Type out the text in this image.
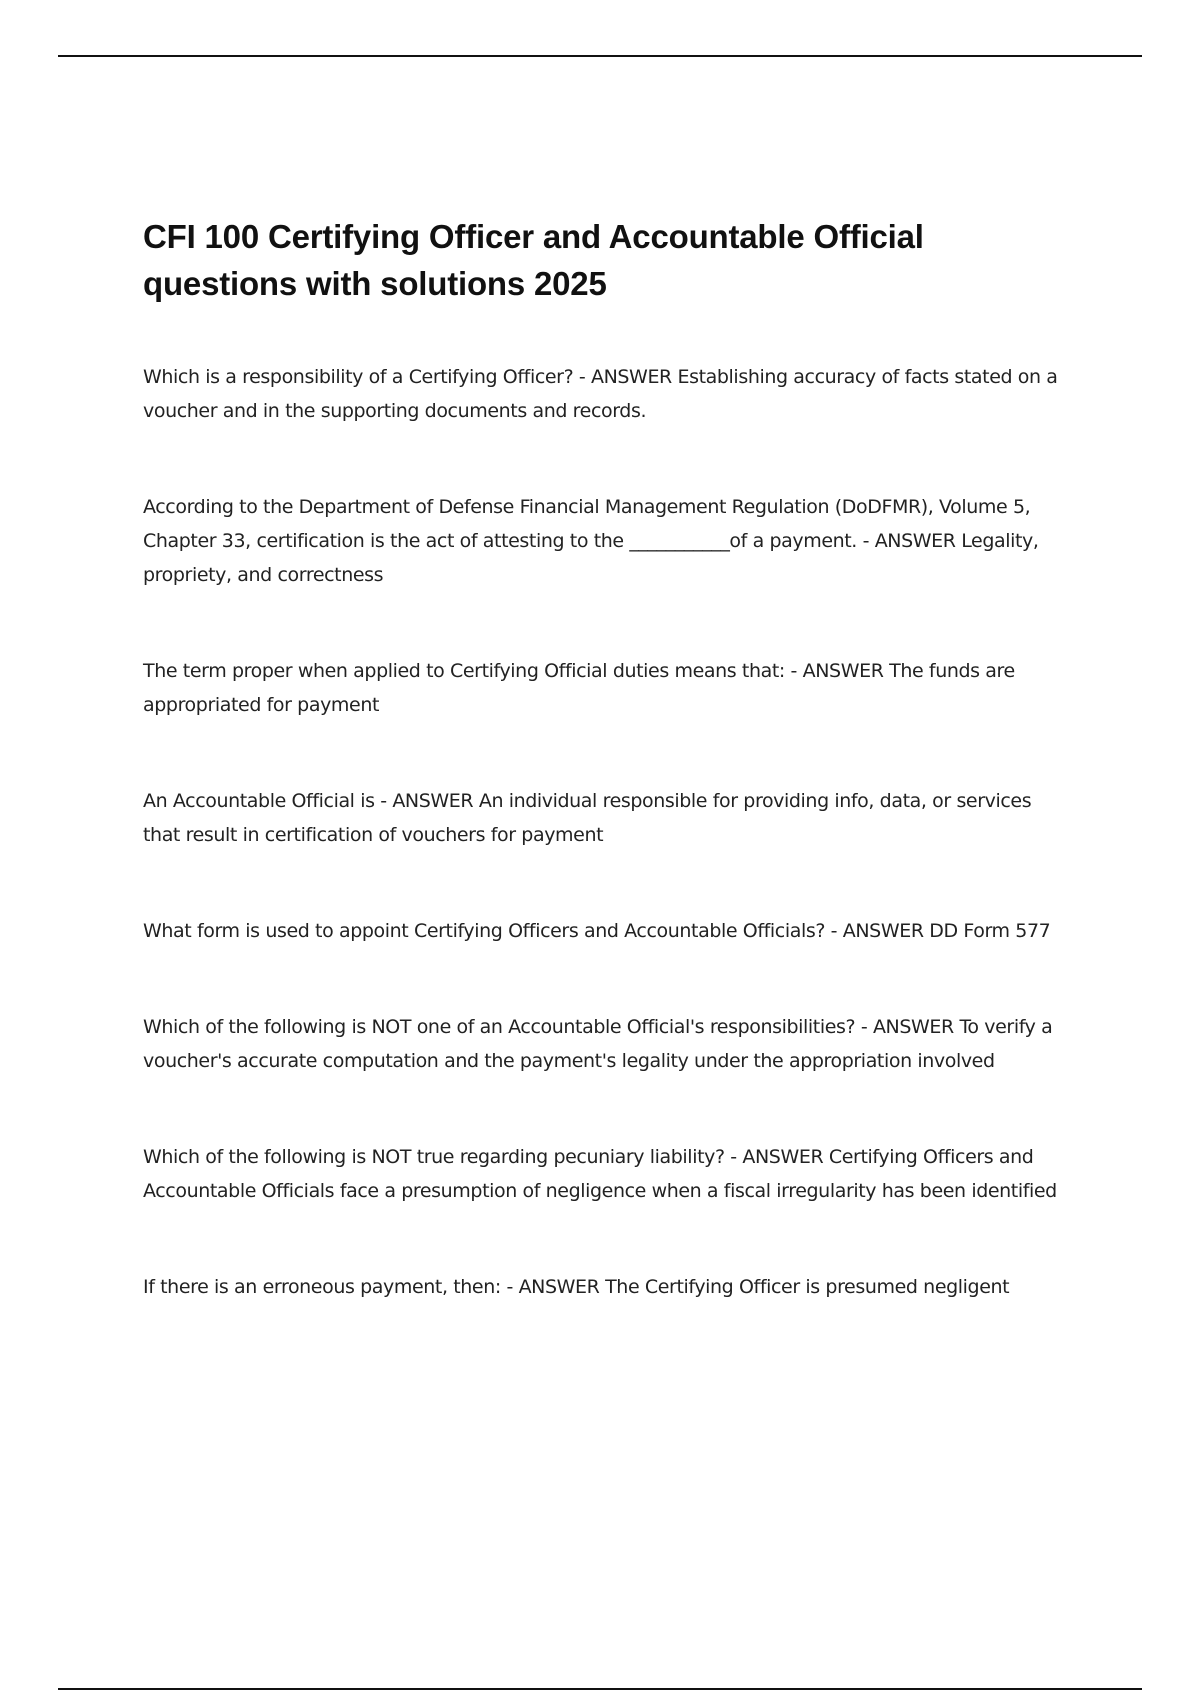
CFI 100 Certifying Officer and Accountable Official questions with solutions 2025
Which is a responsibility of a Certifying Officer? - ANSWER Establishing accuracy of facts stated on a voucher and in the supporting documents and records.
According to the Department of Defense Financial Management Regulation (DoDFMR), Volume 5, Chapter 33, certification is the act of attesting to the ___________of a payment. - ANSWER Legality, propriety, and correctness
The term proper when applied to Certifying Official duties means that: - ANSWER The funds are appropriated for payment
An Accountable Official is - ANSWER An individual responsible for providing info, data, or services that result in certification of vouchers for payment
What form is used to appoint Certifying Officers and Accountable Officials? - ANSWER DD Form 577
Which of the following is NOT one of an Accountable Official's responsibilities? - ANSWER To verify a voucher's accurate computation and the payment's legality under the appropriation involved
Which of the following is NOT true regarding pecuniary liability? - ANSWER Certifying Officers and Accountable Officials face a presumption of negligence when a fiscal irregularity has been identified
If there is an erroneous payment, then: - ANSWER The Certifying Officer is presumed negligent
